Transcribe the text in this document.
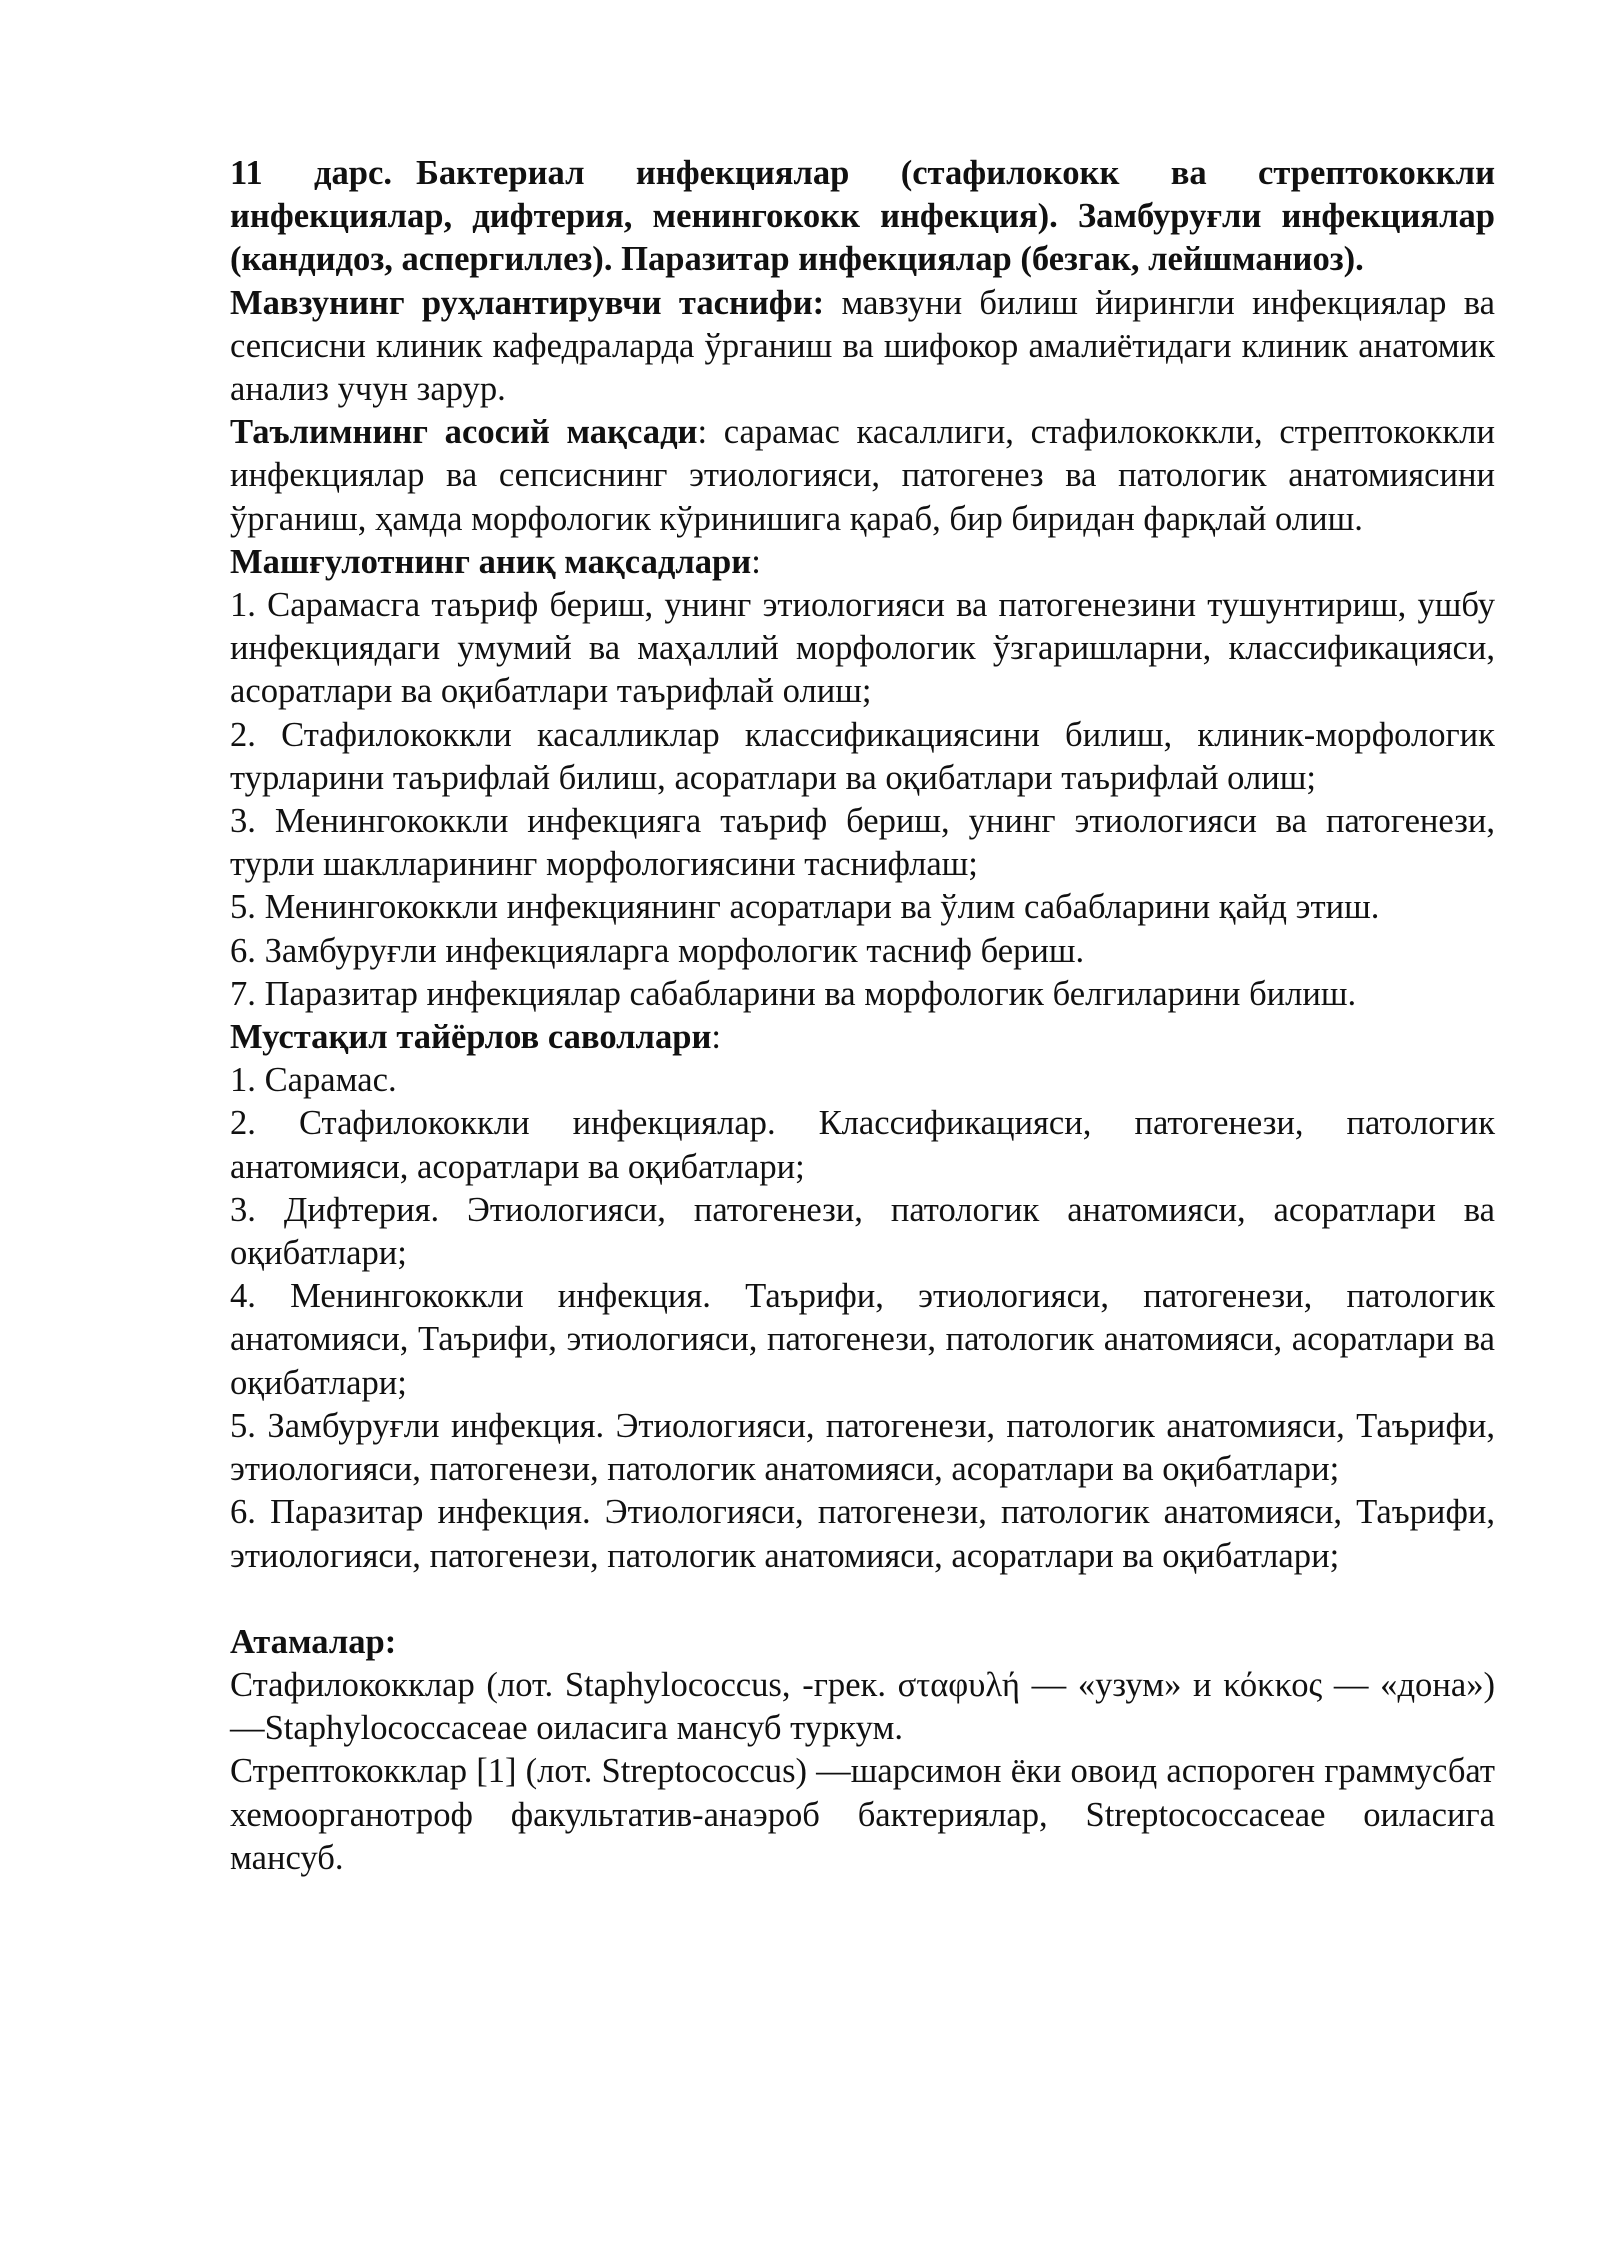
11 дарс. Бактериал инфекциялар (стафилококк ва стрептококкли инфекциялар, дифтерия, менингококк инфекция). Замбуруғли инфекциялар (кандидоз, аспергиллез). Паразитар инфекциялар (безгак, лейшманиоз).

Мавзунинг руҳлантирувчи таснифи: мавзуни билиш йирингли инфекциялар ва сепсисни клиник кафедраларда ўрганиш ва шифокор амалиётидаги клиник анатомик анализ учун зарур.

Таълимнинг асосий мақсади: сарамас касаллиги, стафилококкли, стрептококкли инфекциялар ва сепсиснинг этиологияси, патогенез ва патологик анатомиясини ўрганиш, ҳамда морфологик кўринишига қараб, бир биридан фарқлай олиш.

Машғулотнинг аниқ мақсадлари:

1. Сарамасга таъриф бериш, унинг этиологияси ва патогенезини тушунтириш, ушбу инфекциядаги умумий ва маҳаллий морфологик ўзгаришларни, классификацияси, асоратлари ва оқибатлари таърифлай олиш;

2. Стафилококкли касалликлар классификациясини билиш, клиник-морфологик турларини таърифлай билиш, асоратлари ва оқибатлари таърифлай олиш;

3. Менингококкли инфекцияга таъриф бериш, унинг этиологияси ва патогенези, турли шаклларининг морфологиясини таснифлаш;

5. Менингококкли инфекциянинг асоратлари ва ўлим сабабларини қайд этиш.

6. Замбуруғли инфекцияларга морфологик тасниф бериш.

7. Паразитар инфекциялар сабабларини ва морфологик белгиларини билиш.

Мустақил тайёрлов саволлари:

1. Сарамас.

2. Стафилококкли инфекциялар. Классификацияси, патогенези, патологик анатомияси, асоратлари ва оқибатлари;

3. Дифтерия. Этиологияси, патогенези, патологик анатомияси, асоратлари ва оқибатлари;

4. Менингококкли инфекция. Таърифи, этиологияси, патогенези, патологик анатомияси, Таърифи, этиологияси, патогенези, патологик анатомияси, асоратлари ва оқибатлари;

5. Замбуруғли инфекция. Этиологияси, патогенези, патологик анатомияси, Таърифи, этиологияси, патогенези, патологик анатомияси, асоратлари ва оқибатлари;

6. Паразитар инфекция. Этиологияси, патогенези, патологик анатомияси, Таърифи, этиологияси, патогенези, патологик анатомияси, асоратлари ва оқибатлари;

Атамалар:

Стафилококклар (лот. Staphylococcus, -грек. σταφυλή — «узум» и κόκκος — «дона») —Staphylococcaceae оиласига мансуб туркум.

Стрептококклар [1] (лот. Streptococcus) —шарсимон ёки овоид аспороген граммусбат хемоорганотроф факультатив-анаэроб бактериялар, Streptococcaceae оиласига мансуб.
